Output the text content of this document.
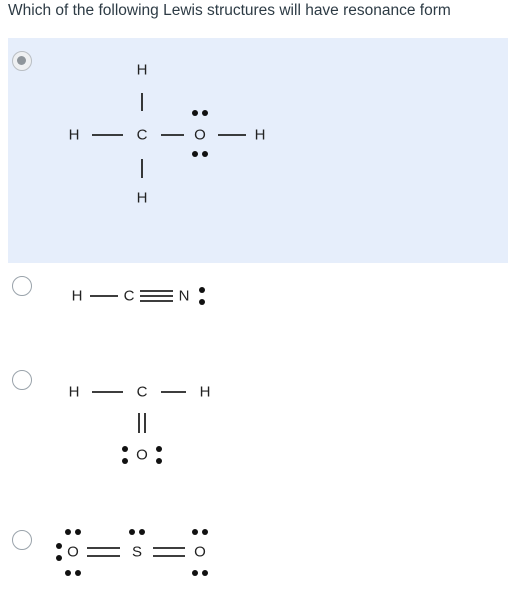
Which of the following Lewis structures will have resonance form
H
H	C	O	H
H
H	C	N
H	C	H
O
O	S	O
